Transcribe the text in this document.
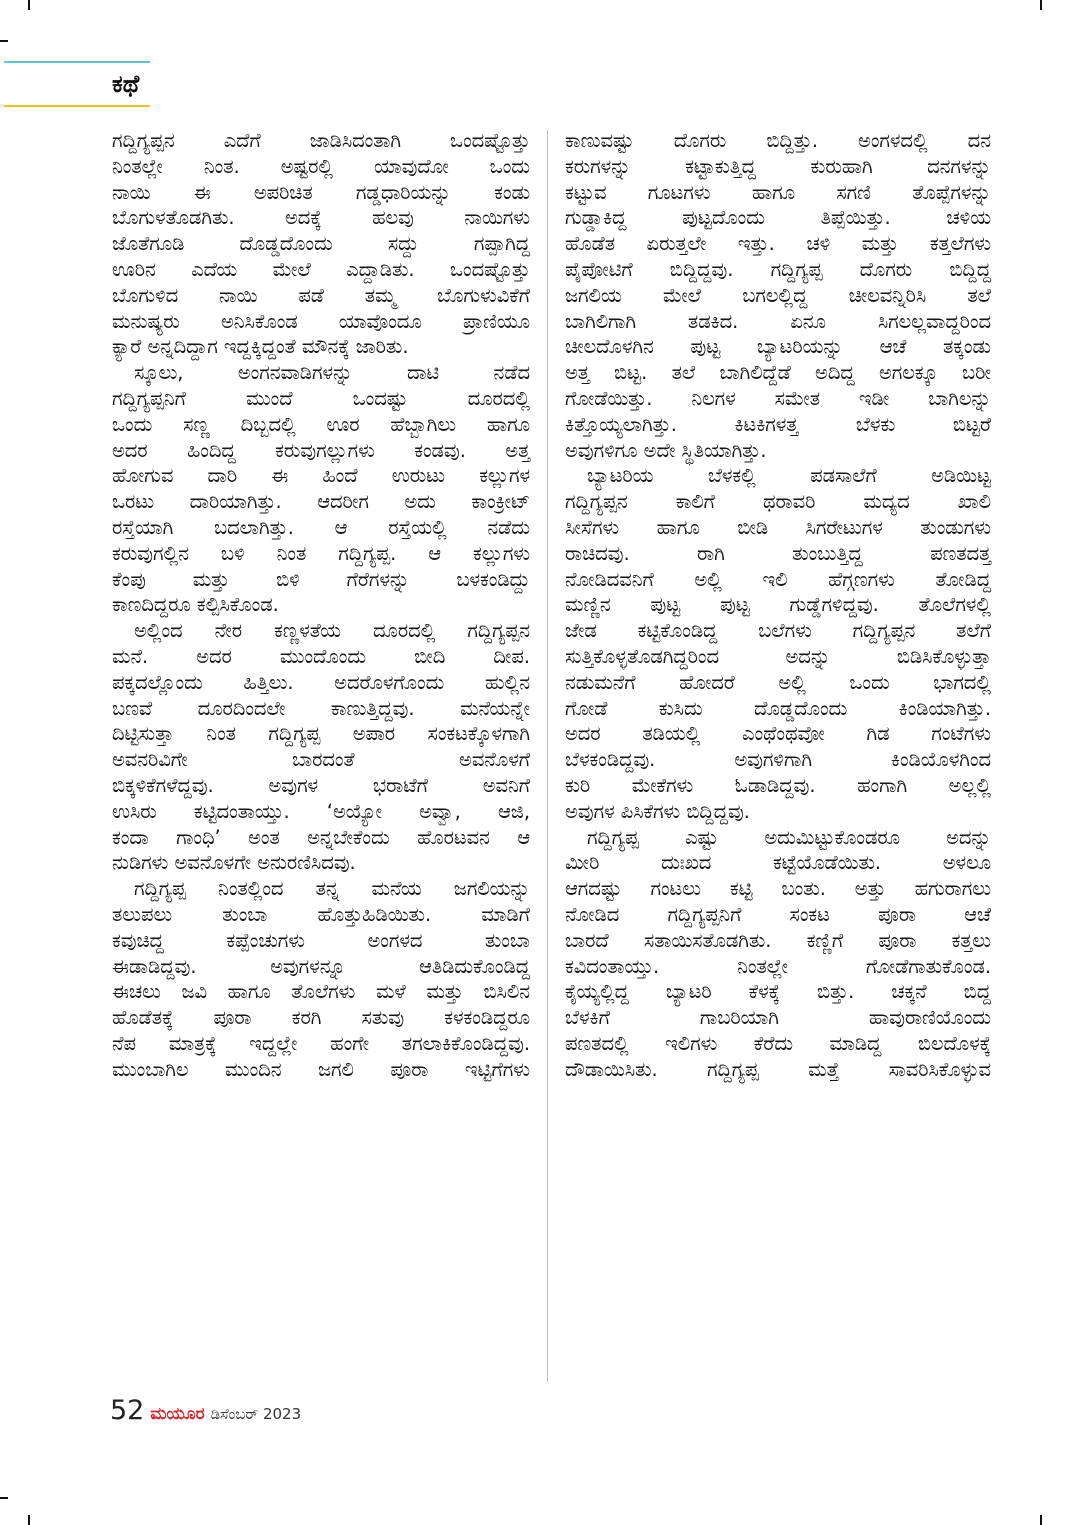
ಕಥೆ

ಗದ್ದಿಗ್ಯಪ್ಪನ ಎದೆಗೆ ಜಾಡಿಸಿದಂತಾಗಿ ಒಂದಷ್ಟೊತ್ತು

ನಿಂತಲ್ಲೇ ನಿಂತ. ಅಷ್ಟರಲ್ಲಿ ಯಾವುದೋ ಒಂದು

ನಾಯಿ ಈ ಅಪರಿಚಿತ ಗಡ್ಡಧಾರಿಯನ್ನು ಕಂಡು

ಬೊಗುಳತೊಡಗಿತು. ಅದಕ್ಕೆ ಹಲವು ನಾಯಿಗಳು

ಜೊತೆಗೂಡಿ ದೊಡ್ಡದೊಂದು ಸದ್ದು ಗಪ್ಪಾಗಿದ್ದ

ಊರಿನ ಎದೆಯ ಮೇಲೆ ಎದ್ದಾಡಿತು. ಒಂದಷ್ಟೊತ್ತು

ಬೊಗುಳಿದ ನಾಯಿ ಪಡೆ ತಮ್ಮ ಬೊಗುಳುವಿಕೆಗೆ

ಮನುಷ್ಯರು ಅನಿಸಿಕೊಂಡ ಯಾವೊಂದೂ ಪ್ರಾಣಿಯೂ

ಕ್ಯಾರೆ ಅನ್ನದಿದ್ದಾಗ ಇದ್ದಕ್ಕಿದ್ದಂತೆ ಮೌನಕ್ಕೆ ಜಾರಿತು.

ಸ್ಕೂಲು, ಅಂಗನವಾಡಿಗಳನ್ನು ದಾಟಿ ನಡೆದ

ಗದ್ದಿಗ್ಯಪ್ಪನಿಗೆ ಮುಂದೆ ಒಂದಷ್ಟು ದೂರದಲ್ಲಿ

ಒಂದು ಸಣ್ಣ ದಿಬ್ಬದಲ್ಲಿ ಊರ ಹೆಬ್ಬಾಗಿಲು ಹಾಗೂ

ಅದರ ಹಿಂದಿದ್ದ ಕರುವುಗಲ್ಲುಗಳು ಕಂಡವು. ಅತ್ತ

ಹೋಗುವ ದಾರಿ ಈ ಹಿಂದೆ ಉರುಟು ಕಲ್ಲುಗಳ

ಒರಟು ದಾರಿಯಾಗಿತ್ತು. ಆದರೀಗ ಅದು ಕಾಂಕ್ರೀಟ್

ರಸ್ತೆಯಾಗಿ ಬದಲಾಗಿತ್ತು. ಆ ರಸ್ತೆಯಲ್ಲಿ ನಡೆದು

ಕರುವುಗಲ್ಲಿನ ಬಳಿ ನಿಂತ ಗದ್ದಿಗ್ಯಪ್ಪ. ಆ ಕಲ್ಲುಗಳು

ಕೆಂಪು ಮತ್ತು ಬಿಳಿ ಗೆರೆಗಳನ್ನು ಬಳಕಂಡಿದ್ದು

ಕಾಣದಿದ್ದರೂ ಕಲ್ಪಿಸಿಕೊಂಡ.

ಅಲ್ಲಿಂದ ನೇರ ಕಣ್ಣಳತೆಯ ದೂರದಲ್ಲಿ ಗದ್ದಿಗ್ಯಪ್ಪನ

ಮನೆ. ಅದರ ಮುಂದೊಂದು ಬೀದಿ ದೀಪ.

ಪಕ್ಕದಲ್ಲೊಂದು ಹಿತ್ತಿಲು. ಅದರೊಳಗೊಂದು ಹುಲ್ಲಿನ

ಬಣವೆ ದೂರದಿಂದಲೇ ಕಾಣುತ್ತಿದ್ದವು. ಮನೆಯನ್ನೇ

ದಿಟ್ಟಿಸುತ್ತಾ ನಿಂತ ಗದ್ದಿಗ್ಯಪ್ಪ ಅಪಾರ ಸಂಕಟಕ್ಕೊಳಗಾಗಿ

ಅವನರಿವಿಗೇ ಬಾರದಂತೆ ಅವನೊಳಗೆ

ಬಿಕ್ಕಳಿಕೆಗಳೆದ್ದವು. ಅವುಗಳ ಭರಾಟೆಗೆ ಅವನಿಗೆ

ಉಸಿರು ಕಟ್ಟಿದಂತಾಯ್ತು. ‘ಅಯ್ಯೋ ಅವ್ವಾ, ಆಜಿ,

ಕಂದಾ ಗಾಂಧಿ’ ಅಂತ ಅನ್ನಬೇಕೆಂದು ಹೊರಟವನ ಆ

ನುಡಿಗಳು ಅವನೊಳಗೇ ಅನುರಣಿಸಿದವು.

ಗದ್ದಿಗ್ಯಪ್ಪ ನಿಂತಲ್ಲಿಂದ ತನ್ನ ಮನೆಯ ಜಗಲಿಯನ್ನು

ತಲುಪಲು ತುಂಬಾ ಹೊತ್ತುಹಿಡಿಯಿತು. ಮಾಡಿಗೆ

ಕವುಚಿದ್ದ ಕಪ್ಪೆಂಚುಗಳು ಅಂಗಳದ ತುಂಬಾ

ಈಡಾಡಿದ್ದವು. ಅವುಗಳನ್ನೂ ಆತಿಡಿದುಕೊಂಡಿದ್ದ

ಈಚಲು ಜವಿ ಹಾಗೂ ತೊಲೆಗಳು ಮಳೆ ಮತ್ತು ಬಿಸಿಲಿನ

ಹೊಡೆತಕ್ಕೆ ಪೂರಾ ಕರಗಿ ಸತುವು ಕಳಕಂಡಿದ್ದರೂ

ನೆಪ ಮಾತ್ರಕ್ಕೆ ಇದ್ದಲ್ಲೇ ಹಂಗೇ ತಗಲಾಕಿಕೊಂಡಿದ್ದವು.

ಮುಂಬಾಗಿಲ ಮುಂದಿನ ಜಗಲಿ ಪೂರಾ ಇಟ್ಟಿಗೆಗಳು

ಕಾಣುವಷ್ಟು ದೊಗರು ಬಿದ್ದಿತ್ತು. ಅಂಗಳದಲ್ಲಿ ದನ

ಕರುಗಳನ್ನು ಕಟ್ಟಾಕುತ್ತಿದ್ದ ಕುರುಹಾಗಿ ದನಗಳನ್ನು

ಕಟ್ಟುವ ಗೂಟಗಳು ಹಾಗೂ ಸಗಣಿ ತೊಪ್ಪೆಗಳನ್ನು

ಗುಡ್ಡಾಕಿದ್ದ ಪುಟ್ಟದೊಂದು ತಿಪ್ಪೆಯಿತ್ತು. ಚಳಿಯ

ಹೊಡೆತ ಏರುತ್ತಲೇ ಇತ್ತು. ಚಳಿ ಮತ್ತು ಕತ್ತಲೆಗಳು

ಪೈಪೋಟಿಗೆ ಬಿದ್ದಿದ್ದವು. ಗದ್ದಿಗ್ಯಪ್ಪ ದೊಗರು ಬಿದ್ದಿದ್ದ

ಜಗಲಿಯ ಮೇಲೆ ಬಗಲಲ್ಲಿದ್ದ ಚೀಲವನ್ನಿರಿಸಿ ತಲೆ

ಬಾಗಿಲಿಗಾಗಿ ತಡಕಿದ. ಏನೂ ಸಿಗಲಲ್ಲವಾದ್ದರಿಂದ

ಚೀಲದೊಳಗಿನ ಪುಟ್ಟ ಬ್ಯಾಟರಿಯನ್ನು ಆಚೆ ತಕ್ಕಂಡು

ಅತ್ತ ಬಿಟ್ಟ. ತಲೆ ಬಾಗಿಲಿದ್ದೆಡೆ ಅದಿದ್ದ ಅಗಲಕ್ಕೂ ಬರೀ

ಗೋಡೆಯಿತ್ತು. ನಿಲಗಳ ಸಮೇತ ಇಡೀ ಬಾಗಿಲನ್ನು

ಕಿತ್ತೊಯ್ಯಲಾಗಿತ್ತು. ಕಿಟಕಿಗಳತ್ತ ಬೆಳಕು ಬಿಟ್ಟರೆ

ಅವುಗಳಿಗೂ ಅದೇ ಸ್ಥಿತಿಯಾಗಿತ್ತು.

ಬ್ಯಾಟರಿಯ ಬೆಳಕಲ್ಲಿ ಪಡಸಾಲೆಗೆ ಅಡಿಯಿಟ್ಟ

ಗದ್ದಿಗ್ಯಪ್ಪನ ಕಾಲಿಗೆ ಥರಾವರಿ ಮದ್ಯದ ಖಾಲಿ

ಸೀಸೆಗಳು ಹಾಗೂ ಬೀಡಿ ಸಿಗರೇಟುಗಳ ತುಂಡುಗಳು

ರಾಚಿದವು. ರಾಗಿ ತುಂಬುತ್ತಿದ್ದ ಪಣತದತ್ತ

ನೋಡಿದವನಿಗೆ ಅಲ್ಲಿ ಇಲಿ ಹೆಗ್ಗಣಗಳು ತೋಡಿದ್ದ

ಮಣ್ಣಿನ ಪುಟ್ಟ ಪುಟ್ಟ ಗುಡ್ಡೆಗಳಿದ್ದವು. ತೊಲೆಗಳಲ್ಲಿ

ಜೇಡ ಕಟ್ಟಿಕೊಂಡಿದ್ದ ಬಲೆಗಳು ಗದ್ದಿಗ್ಯಪ್ಪನ ತಲೆಗೆ

ಸುತ್ತಿಕೊಳ್ಳತೊಡಗಿದ್ದರಿಂದ ಅದನ್ನು ಬಿಡಿಸಿಕೊಳ್ಳುತ್ತಾ

ನಡುಮನೆಗೆ ಹೋದರೆ ಅಲ್ಲಿ ಒಂದು ಭಾಗದಲ್ಲಿ

ಗೋಡೆ ಕುಸಿದು ದೊಡ್ಡದೊಂದು ಕಿಂಡಿಯಾಗಿತ್ತು.

ಅದರ ತಡಿಯಲ್ಲಿ ಎಂಥೆಂಥವೋ ಗಿಡ ಗಂಟೆಗಳು

ಬೆಳಕಂಡಿದ್ದವು. ಅವುಗಳಿಗಾಗಿ ಕಿಂಡಿಯೊಳಗಿಂದ

ಕುರಿ ಮೇಕೆಗಳು ಓಡಾಡಿದ್ದವು. ಹಂಗಾಗಿ ಅಲ್ಲಲ್ಲಿ

ಅವುಗಳ ಪಿಸಿಕೆಗಳು ಬಿದ್ದಿದ್ದವು.

ಗದ್ದಿಗ್ಯಪ್ಪ ಎಷ್ಟು ಅದುಮಿಟ್ಟುಕೊಂಡರೂ ಅದನ್ನು

ಮೀರಿ ದುಃಖದ ಕಟ್ಟೆಯೊಡೆಯಿತು. ಅಳಲೂ

ಆಗದಷ್ಟು ಗಂಟಲು ಕಟ್ಟಿ ಬಂತು. ಅತ್ತು ಹಗುರಾಗಲು

ನೋಡಿದ ಗದ್ದಿಗ್ಯಪ್ಪನಿಗೆ ಸಂಕಟ ಪೂರಾ ಆಚೆ

ಬಾರದೆ ಸತಾಯಿಸತೊಡಗಿತು. ಕಣ್ಣಿಗೆ ಪೂರಾ ಕತ್ತಲು

ಕವಿದಂತಾಯ್ತು. ನಿಂತಲ್ಲೇ ಗೋಡೆಗಾತುಕೊಂಡ.

ಕೈಯ್ಯಲ್ಲಿದ್ದ ಬ್ಯಾಟರಿ ಕೆಳಕ್ಕೆ ಬಿತ್ತು. ಚಕ್ಕನೆ ಬಿದ್ದ

ಬೆಳಕಿಗೆ ಗಾಬರಿಯಾಗಿ ಹಾವುರಾಣಿಯೊಂದು

ಪಣತದಲ್ಲಿ ಇಲಿಗಳು ಕೆರೆದು ಮಾಡಿದ್ದ ಬಿಲದೊಳಕ್ಕೆ

ದೌಡಾಯಿಸಿತು. ಗದ್ದಿಗ್ಯಪ್ಪ ಮತ್ತೆ ಸಾವರಿಸಿಕೊಳ್ಳುವ

52 ಮಯೂರ ಡಿಸೆಂಬರ್ 2023
